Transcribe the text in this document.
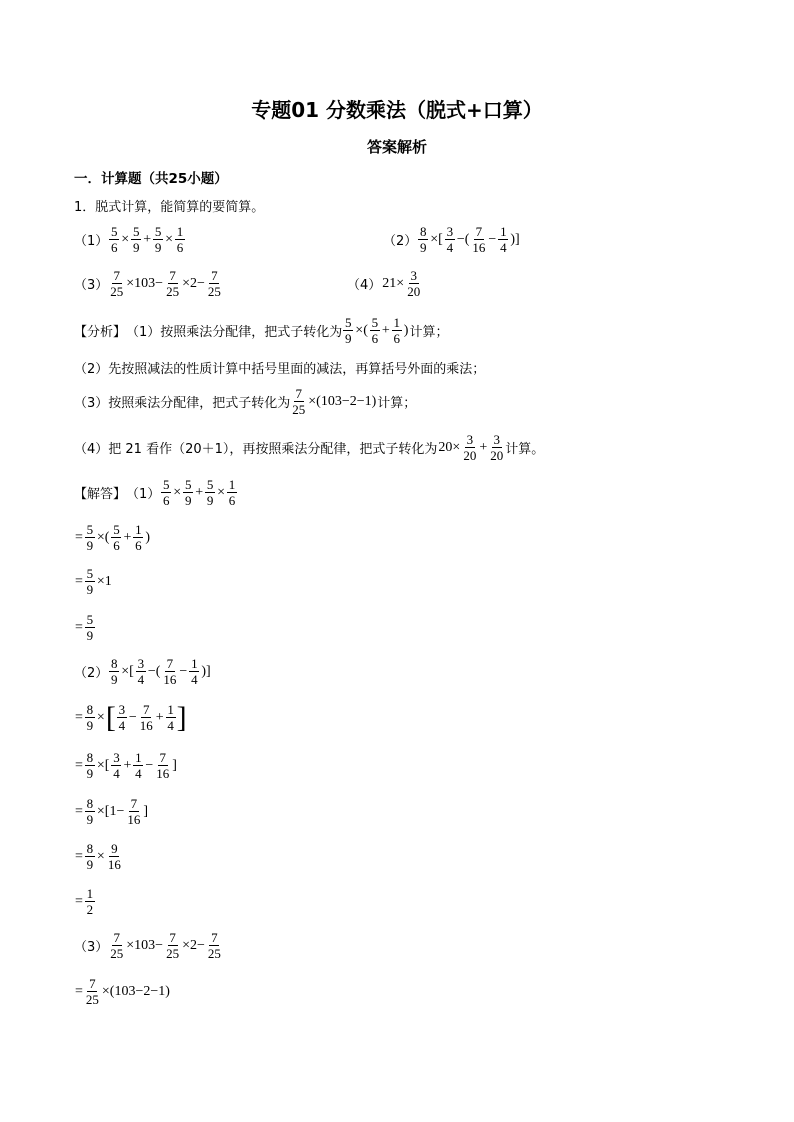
专题01 分数乘法（脱式+口算）
答案解析
一．计算题（共25小题）
1．脱式计算，能简算的要简算。
$(1) \frac{5}{6} \times \frac{5}{9} + \frac{5}{9} \times \frac{1}{6}$	$(2) \frac{8}{9}$ ×[ 3
4
−( 7
16
− $\frac{1}{4}$ )]
$(3) \frac{7}{25} \times 103- \frac{7}{25} \times 2- \frac{7}{25}$	（4） $21\times \frac{3}{20}$
【分析】 （1）按照乘法分配律，把式子转化为 $\frac{5}{9}$ ×( 5
6
+ $\frac{1}{6}$ ) 计算；
（2）先按照减法的性质计算中括号里面的减法，再算括号外面的乘法；
（3）按照乘法分配律，把式子转化为 $\frac{7}{25} \times(103-2-1)$ 计算；
（4）把 21 看作（20＋1），再按照乘法分配律，把式子转化为 $20\times \frac{3}{20} + \frac{3}{20}$ 计算。
【解答】 $(1) \frac{5}{6} \times \frac{5}{9} + \frac{5}{9} \times \frac{1}{6}$
= $\frac{5}{9}$ ×( 5
6
+ $\frac{1}{6}$ )
= $\frac{5}{9} \times 1$
= $\frac{5}{9}$
$(2) \frac{8}{9}$ ×[ 3
4
−( 7
16
− $\frac{1}{4}$ )]
= $\frac{8}{9}$ × [ 3
4
− $\frac{7}{16} + \frac{1}{4}$ ]
= $\frac{8}{9}$ ×[ 3
4
+ $\frac{1}{4} - \frac{7}{16}$ ]
= $\frac{8}{9} \times[1- \frac{7}{16}$ ]
= $\frac{8}{9} \times \frac{9}{16}$
= $\frac{1}{2}$
$(3) \frac{7}{25} \times 103- \frac{7}{25} \times 2- \frac{7}{25}$
= $\frac{7}{25} \times(103-2-1)$
